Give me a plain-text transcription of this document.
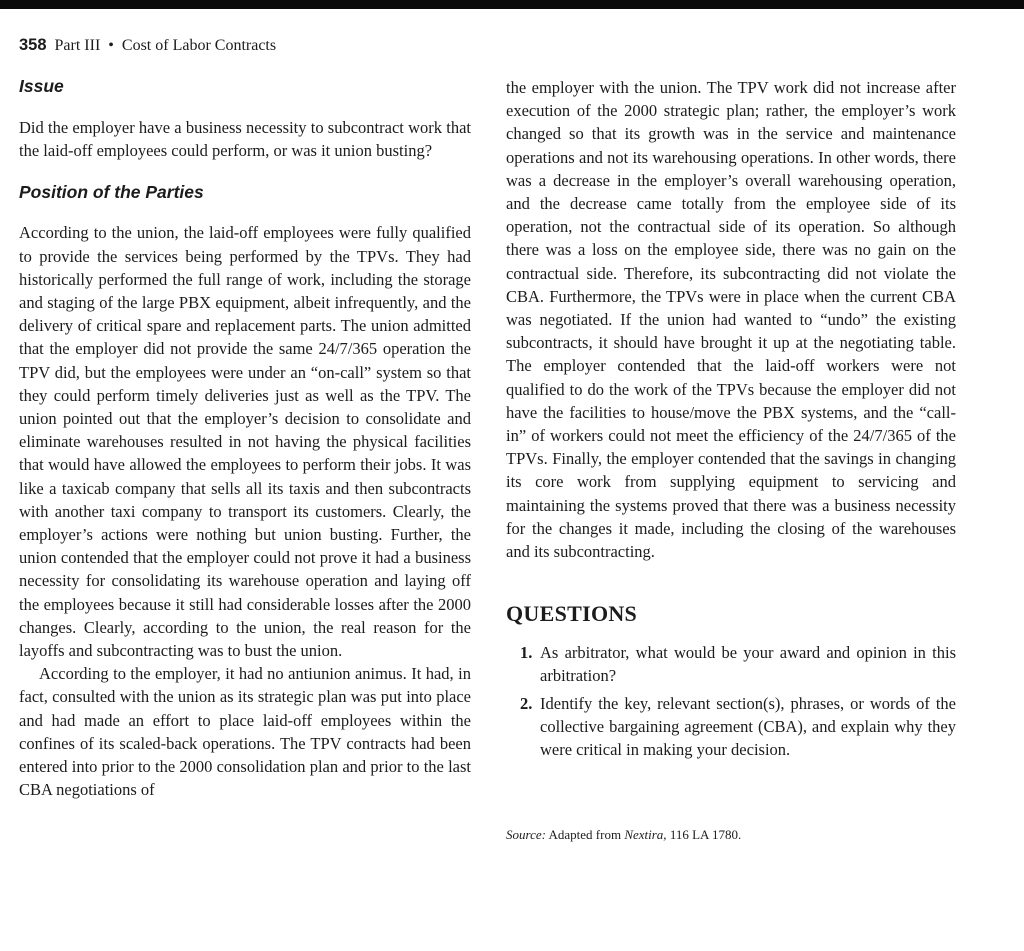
358 Part III  •  Cost of Labor Contracts
Issue

Did the employer have a business necessity to subcontract work that the laid-off employees could perform, or was it union busting?

Position of the Parties

According to the union, the laid-off employees were fully qualified to provide the services being performed by the TPVs. They had historically performed the full range of work, including the storage and staging of the large PBX equipment, albeit infrequently, and the delivery of critical spare and replacement parts. The union admitted that the employer did not provide the same 24/7/365 operation the TPV did, but the employees were under an “on-call” system so that they could perform timely deliveries just as well as the TPV. The union pointed out that the employer’s decision to consolidate and eliminate warehouses resulted in not having the physical facilities that would have allowed the employees to perform their jobs. It was like a taxicab company that sells all its taxis and then subcontracts with another taxi company to transport its customers. Clearly, the employer’s actions were nothing but union busting. Further, the union contended that the employer could not prove it had a business necessity for consolidating its warehouse operation and laying off the employees because it still had considerable losses after the 2000 changes. Clearly, according to the union, the real reason for the layoffs and subcontracting was to bust the union.

According to the employer, it had no antiunion animus. It had, in fact, consulted with the union as its strategic plan was put into place and had made an effort to place laid-off employees within the confines of its scaled-back operations. The TPV contracts had been entered into prior to the 2000 consolidation plan and prior to the last CBA negotiations of

the employer with the union. The TPV work did not increase after execution of the 2000 strategic plan; rather, the employer’s work changed so that its growth was in the service and maintenance operations and not its warehousing operations. In other words, there was a decrease in the employer’s overall warehousing operation, and the decrease came totally from the employee side of its operation, not the contractual side of its operation. So although there was a loss on the employee side, there was no gain on the contractual side. Therefore, its subcontracting did not violate the CBA. Furthermore, the TPVs were in place when the current CBA was negotiated. If the union had wanted to “undo” the existing subcontracts, it should have brought it up at the negotiating table. The employer contended that the laid-off workers were not qualified to do the work of the TPVs because the employer did not have the facilities to house/move the PBX systems, and the “call-in” of workers could not meet the efficiency of the 24/7/365 of the TPVs. Finally, the employer contended that the savings in changing its core work from supplying equipment to servicing and maintaining the systems proved that there was a business necessity for the changes it made, including the closing of the warehouses and its subcontracting.

QUESTIONS
1. As arbitrator, what would be your award and opinion in this arbitration?
2. Identify the key, relevant section(s), phrases, or words of the collective bargaining agreement (CBA), and explain why they were critical in making your decision.
Source: Adapted from Nextira, 116 LA 1780.
